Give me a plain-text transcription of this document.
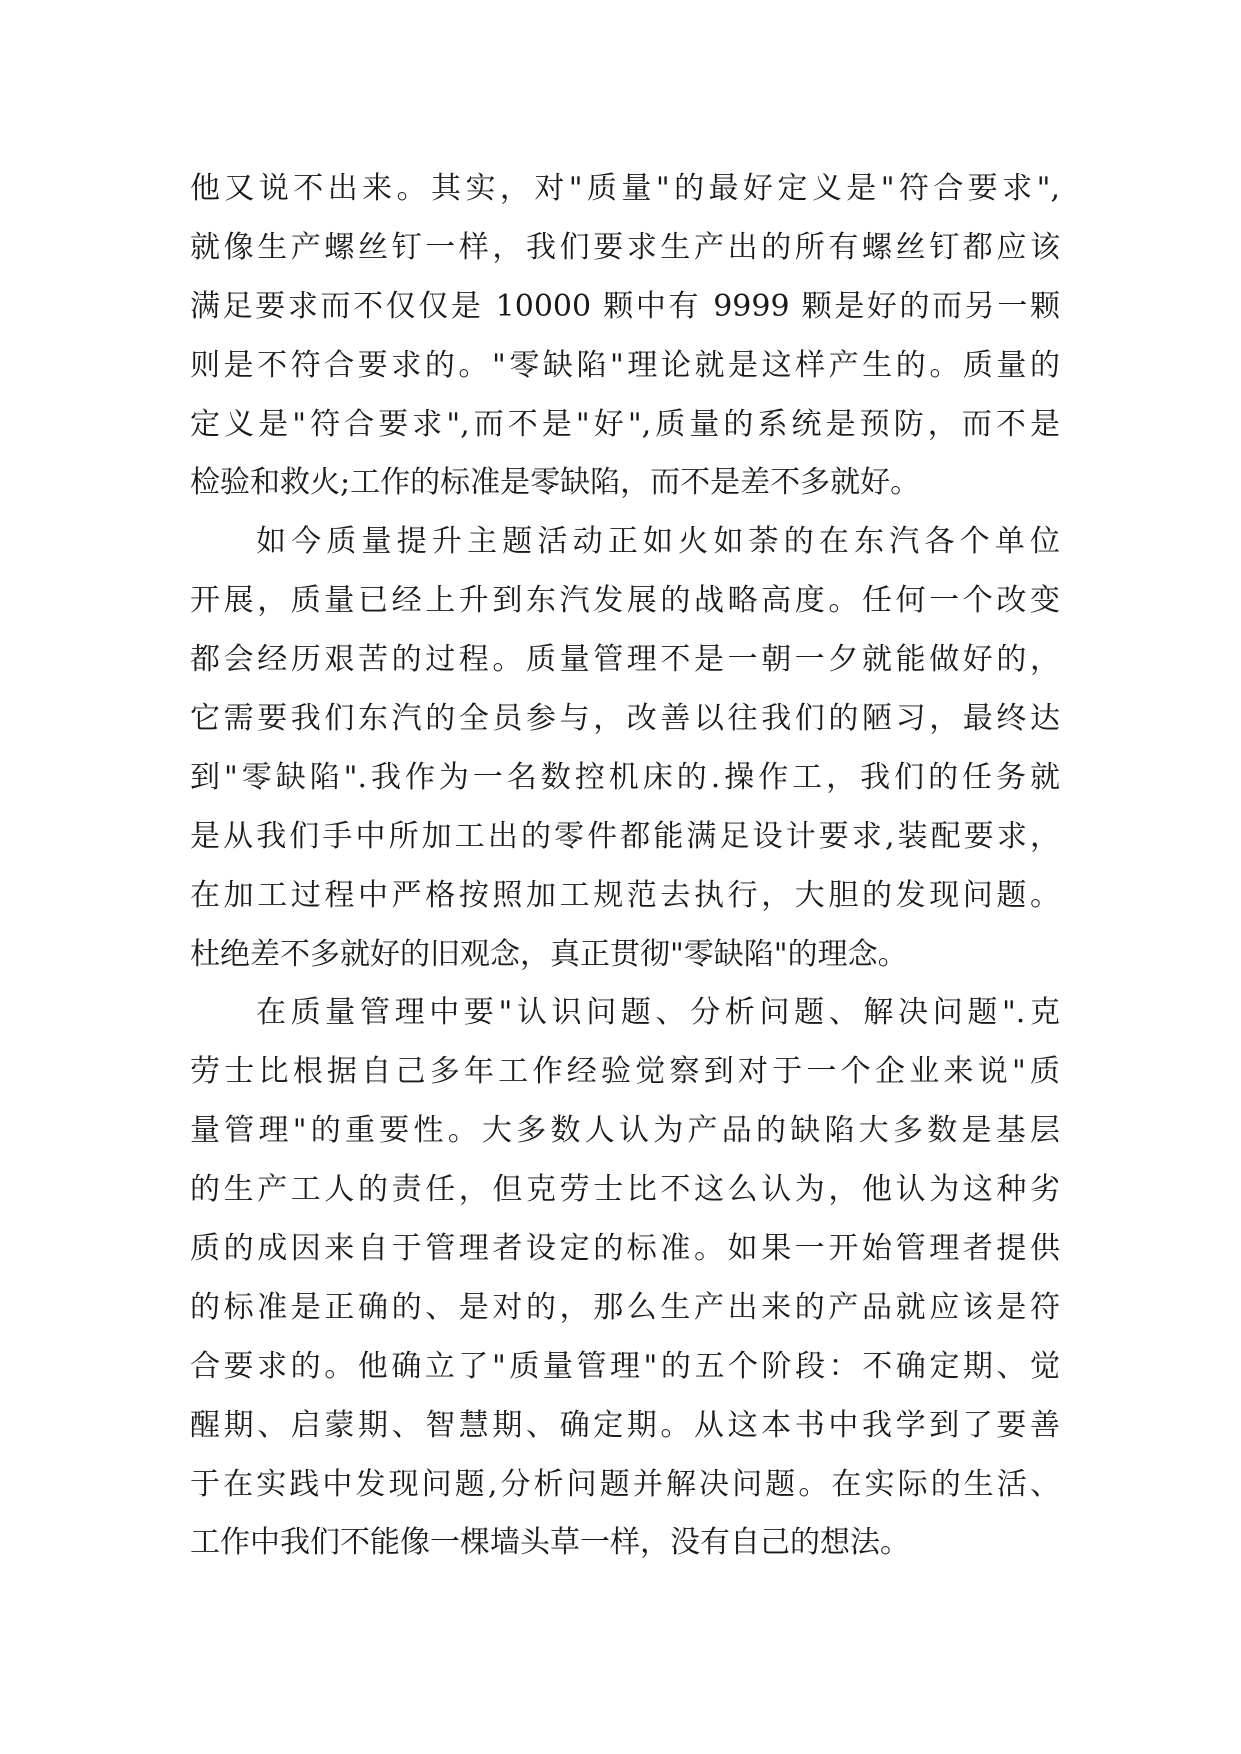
他又说不出来。其实，对"质量"的最好定义是"符合要求",
就像生产螺丝钉一样，我们要求生产出的所有螺丝钉都应该
满足要求而不仅仅是 10000 颗中有 9999 颗是好的而另一颗
则是不符合要求的。"零缺陷"理论就是这样产生的。质量的
定义是"符合要求",而不是"好",质量的系统是预防，而不是
检验和救火;工作的标准是零缺陷，而不是差不多就好。
如今质量提升主题活动正如火如荼的在东汽各个单位
开展，质量已经上升到东汽发展的战略高度。任何一个改变
都会经历艰苦的过程。质量管理不是一朝一夕就能做好的，
它需要我们东汽的全员参与，改善以往我们的陋习，最终达
到"零缺陷".我作为一名数控机床的.操作工，我们的任务就
是从我们手中所加工出的零件都能满足设计要求,装配要求，
在加工过程中严格按照加工规范去执行，大胆的发现问题。
杜绝差不多就好的旧观念，真正贯彻"零缺陷"的理念。
在质量管理中要"认识问题、分析问题、解决问题".克
劳士比根据自己多年工作经验觉察到对于一个企业来说"质
量管理"的重要性。大多数人认为产品的缺陷大多数是基层
的生产工人的责任，但克劳士比不这么认为，他认为这种劣
质的成因来自于管理者设定的标准。如果一开始管理者提供
的标准是正确的、是对的，那么生产出来的产品就应该是符
合要求的。他确立了"质量管理"的五个阶段：不确定期、觉
醒期、启蒙期、智慧期、确定期。从这本书中我学到了要善
于在实践中发现问题,分析问题并解决问题。在实际的生活、
工作中我们不能像一棵墙头草一样，没有自己的想法。
